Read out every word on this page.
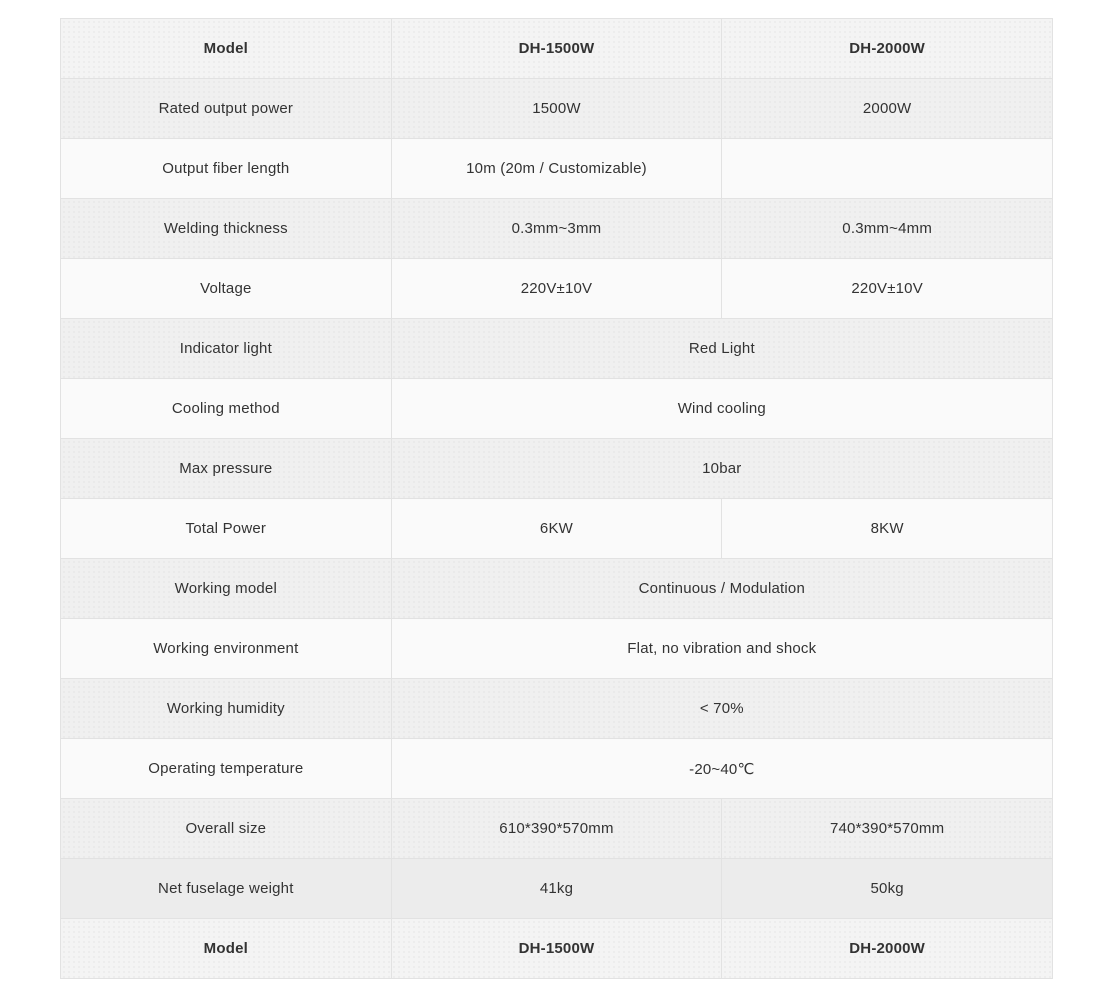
Model	DH-1500W	DH-2000W
Rated output power	1500W	2000W
Output fiber length	10m (20m / Customizable)	
Welding thickness	0.3mm~3mm	0.3mm~4mm
Voltage	220V±10V	220V±10V
Indicator light	Red Light	
Cooling method	Wind cooling	
Max pressure	10bar	
Total Power	6KW	8KW
Working model	Continuous / Modulation	
Working environment	Flat, no vibration and shock	
Working humidity	< 70%	
Operating temperature	-20~40℃	
Overall size	610*390*570mm	740*390*570mm
Net fuselage weight	41kg	50kg
Model	DH-1500W	DH-2000W
